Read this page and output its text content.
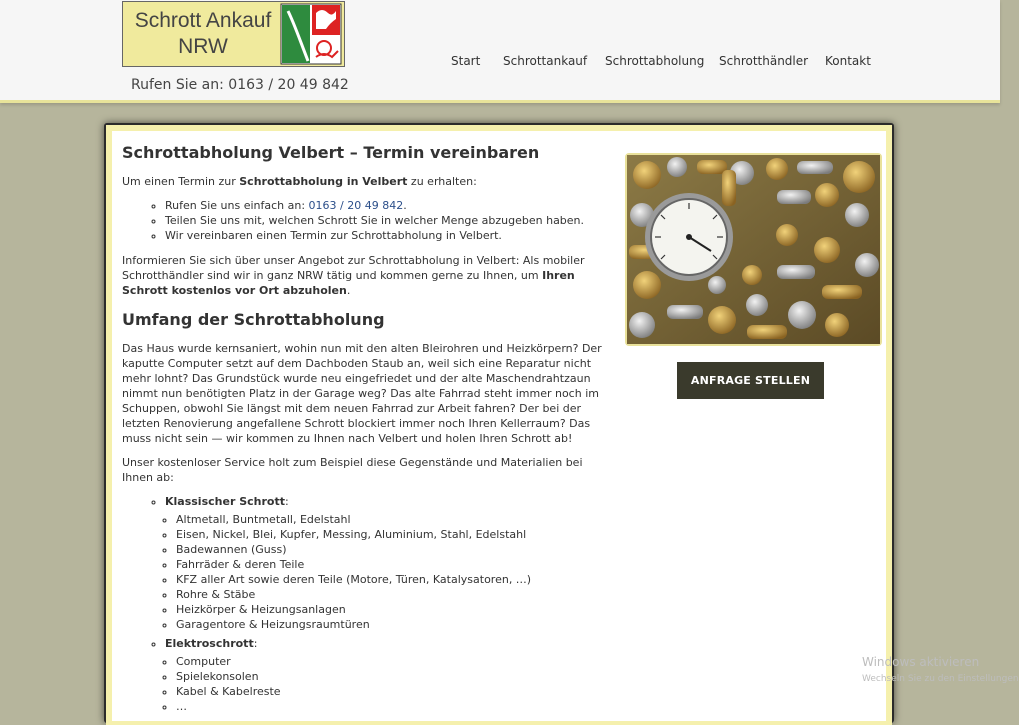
Schrott Ankauf
NRW
Rufen Sie an: 0163 / 20 49 842
Start Schrottankauf Schrottabholung Schrotthändler Kontakt
Schrottabholung Velbert – Termin vereinbaren

Um einen Termin zur Schrottabholung in Velbert zu erhalten:

◦ Rufen Sie uns einfach an: 0163 / 20 49 842.
◦ Teilen Sie uns mit, welchen Schrott Sie in welcher Menge abzugeben haben.
◦ Wir vereinbaren einen Termin zur Schrottabholung in Velbert.

Informieren Sie sich über unser Angebot zur Schrottabholung in Velbert: Als mobiler Schrotthändler sind wir in ganz NRW tätig und kommen gerne zu Ihnen, um Ihren Schrott kostenlos vor Ort abzuholen.

Umfang der Schrottabholung

Das Haus wurde kernsaniert, wohin nun mit den alten Bleirohren und Heizkörpern? Der kaputte Computer setzt auf dem Dachboden Staub an, weil sich eine Reparatur nicht mehr lohnt? Das Grundstück wurde neu eingefriedet und der alte Maschendrahtzaun nimmt nun benötigten Platz in der Garage weg? Das alte Fahrrad steht immer noch im Schuppen, obwohl Sie längst mit dem neuen Fahrrad zur Arbeit fahren? Der bei der letzten Renovierung angefallene Schrott blockiert immer noch Ihren Kellerraum? Das muss nicht sein — wir kommen zu Ihnen nach Velbert und holen Ihren Schrott ab!

Unser kostenloser Service holt zum Beispiel diese Gegenstände und Materialien bei Ihnen ab:

◦ Klassischer Schrott:
◦ Altmetall, Buntmetall, Edelstahl
◦ Eisen, Nickel, Blei, Kupfer, Messing, Aluminium, Stahl, Edelstahl
◦ Badewannen (Guss)
◦ Fahrräder & deren Teile
◦ KFZ aller Art sowie deren Teile (Motore, Türen, Katalysatoren, …)
◦ Rohre & Stäbe
◦ Heizkörper & Heizungsanlagen
◦ Garagentore & Heizungsraumtüren
◦ Elektroschrott:
◦ Computer
◦ Spielekonsolen
◦ Kabel & Kabelreste
◦ …
ANFRAGE STELLEN
Windows aktivieren
Wechseln Sie zu den Einstellungen
